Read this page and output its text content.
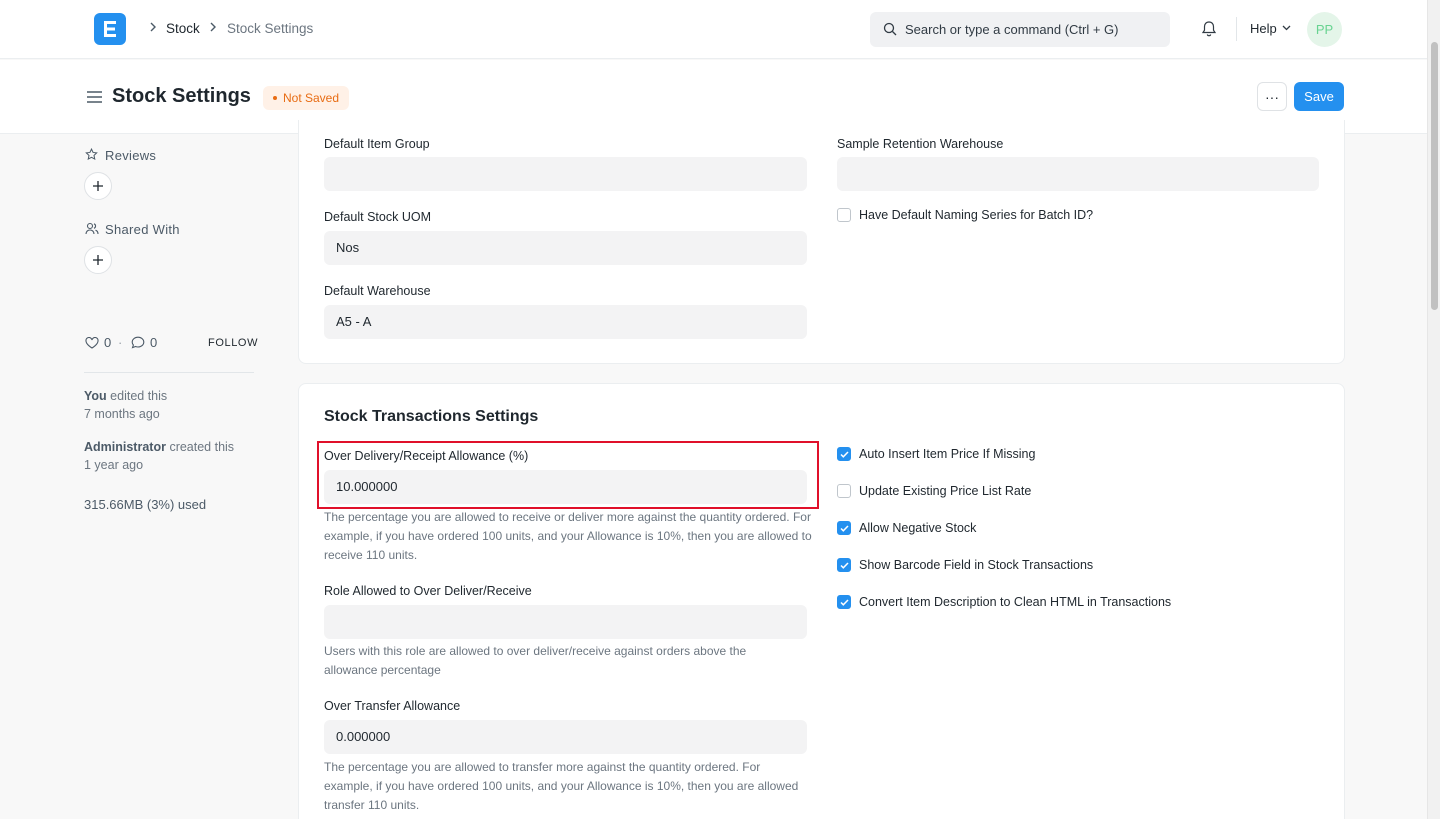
Stock Stock Settings	Search or type a command (Ctrl + G)	Help	PP
Stock Settings	Not Saved	···	Save
Reviews
Shared With
0 · 0	FOLLOW
You edited this
7 months ago
Administrator created this
1 year ago
315.66MB (3%) used
Default Item Group
Default Stock UOM
Nos
Default Warehouse
A5 - A
Sample Retention Warehouse
Have Default Naming Series for Batch ID?
Stock Transactions Settings
Over Delivery/Receipt Allowance (%)
10.000000
The percentage you are allowed to receive or deliver more against the quantity ordered. For example, if you have ordered 100 units, and your Allowance is 10%, then you are allowed to receive 110 units.
Role Allowed to Over Deliver/Receive
Users with this role are allowed to over deliver/receive against orders above the allowance percentage
Over Transfer Allowance
0.000000
The percentage you are allowed to transfer more against the quantity ordered. For example, if you have ordered 100 units, and your Allowance is 10%, then you are allowed transfer 110 units.
Auto Insert Item Price If Missing
Update Existing Price List Rate
Allow Negative Stock
Show Barcode Field in Stock Transactions
Convert Item Description to Clean HTML in Transactions
